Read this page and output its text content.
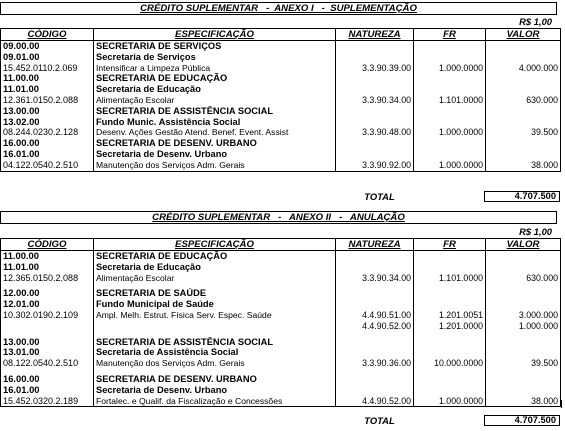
CRÉDITO SUPLEMENTAR   -  ANEXO I   -  SUPLEMENTAÇÃO
R$ 1,00
CÓDIGO	ESPECIFICAÇÃO	NATUREZA	FR	VALOR
09.00.00	SECRETARIA DE SERVIÇOS			
09.01.00	Secretaria de Serviços			
15.452.0110.2.069	Intensificar a Limpeza Pública	3.3.90.39.00	1.000.0000	4.000.000
11.00.00	SECRETARIA DE EDUCAÇÃO			
11.01.00	Secretaria de Educação			
12.361.0150.2.088	Alimentação Escolar	3.3.90.34.00	1.101.0000	630.000
13.00.00	SECRETARIA DE ASSISTÊNCIA SOCIAL			
13.02.00	Fundo Munic. Assistência Social			
08.244.0230.2.128	Desenv. Ações Gestão Atend. Benef. Event. Assist	3.3.90.48.00	1.000.0000	39.500
16.00.00	SECRETARIA DE DESENV. URBANO			
16.01.00	Secretaria de Desenv. Urbano			
04.122.0540.2.510	Manutenção dos Serviços Adm. Gerais	3.3.90.92.00	1.000.0000	38.000
TOTAL	4.707.500
CRÉDITO SUPLEMENTAR   -   ANEXO II   -   ANULAÇÃO
R$ 1,00
CÓDIGO	ESPECIFICAÇÃO	NATUREZA	FR	VALOR
11.00.00	SECRETARIA DE EDUCAÇÃO			
11.01.00	Secretaria de Educação			
12.365.0150.2.088	Alimentação Escolar	3.3.90.34.00	1.101.0000	630.000

12.00.00	SECRETARIA DE SAÚDE			
12.01.00	Fundo Municipal de Saúde			
10.302.0190.2.109	Ampl. Melh. Estrut. Física Serv. Espec. Saúde	4.4.90.51.00	1.201.0051	3.000.000
		4.4.90.52.00	1.201.0000	1.000.000

13.00.00	SECRETARIA DE ASSISTÊNCIA SOCIAL			
13.01.00	Secretaria de Assistência Social			
08.122.0540.2.510	Manutenção dos Serviços Adm. Gerais	3.3.90.36.00	10.000.0000	39.500

16.00.00	SECRETARIA DE DESENV. URBANO			
16.01.00	Secretaria de Desenv. Urbano			
15.452.0320.2.189	Fortalec. e Qualif. da Fiscalização e Concessões	4.4.90.52.00	1.000.0000	38.000
TOTAL	4.707.500
